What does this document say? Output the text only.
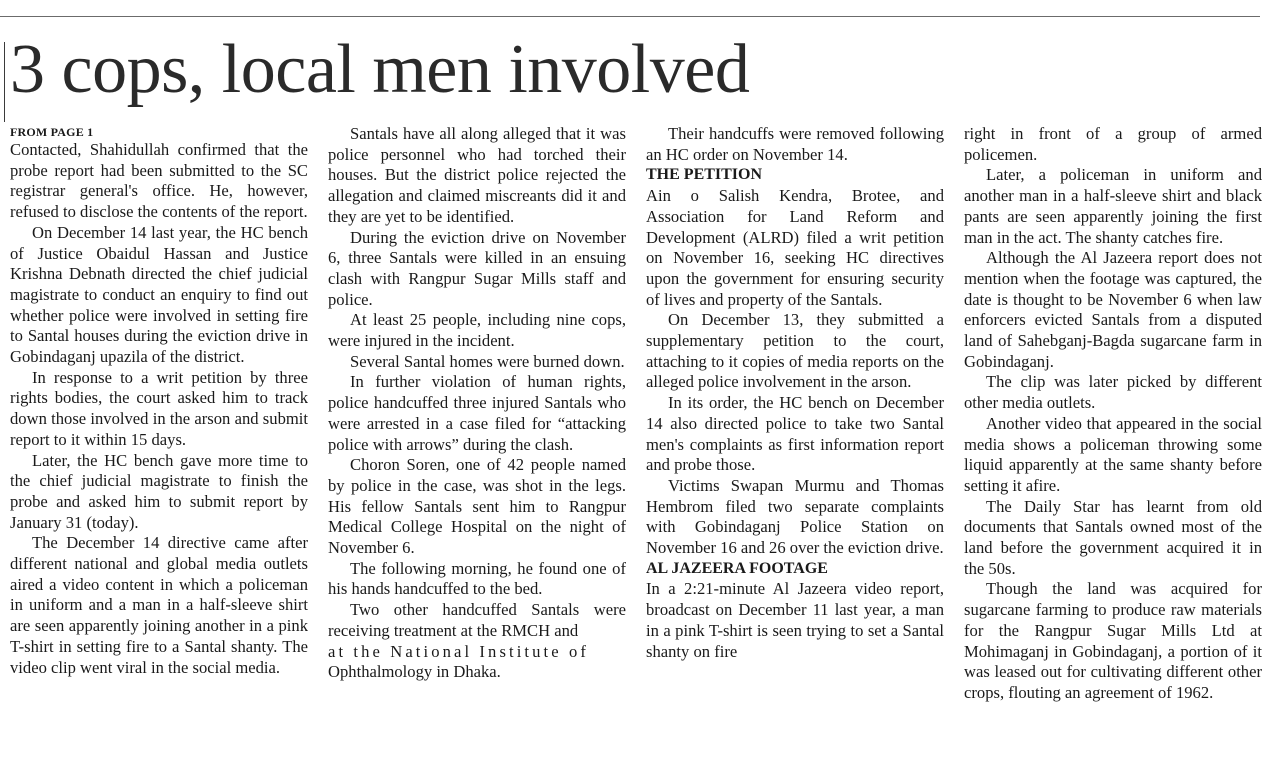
3 cops, local men involved
FROM PAGE 1

Contacted, Shahidullah confirmed that the probe report had been submitted to the SC registrar general's office. He, however, refused to disclose the contents of the report.

On December 14 last year, the HC bench of Justice Obaidul Hassan and Justice Krishna Debnath directed the chief judicial magistrate to conduct an enquiry to find out whether police were involved in setting fire to Santal houses during the eviction drive in Gobindaganj upazila of the district.

In response to a writ petition by three rights bodies, the court asked him to track down those involved in the arson and submit report to it within 15 days.

Later, the HC bench gave more time to the chief judicial magistrate to finish the probe and asked him to submit report by January 31 (today).

The December 14 directive came after different national and global media outlets aired a video content in which a policeman in uniform and a man in a half-sleeve shirt are seen apparently joining another in a pink T-shirt in setting fire to a Santal shanty. The video clip went viral in the social media.

Santals have all along alleged that it was police personnel who had torched their houses. But the district police rejected the allegation and claimed miscreants did it and they are yet to be identified.

During the eviction drive on November 6, three Santals were killed in an ensuing clash with Rangpur Sugar Mills staff and police.

At least 25 people, including nine cops, were injured in the incident.

Several Santal homes were burned down.

In further violation of human rights, police handcuffed three injured Santals who were arrested in a case filed for “attacking police with arrows” during the clash.

Choron Soren, one of 42 people named by police in the case, was shot in the legs. His fellow Santals sent him to Rangpur Medical College Hospital on the night of November 6.

The following morning, he found one of his hands handcuffed to the bed.

Two other handcuffed Santals were receiving treatment at the RMCH and

at the National Institute of

Ophthalmology in Dhaka.

Their handcuffs were removed following an HC order on November 14.

THE PETITION

Ain o Salish Kendra, Brotee, and Association for Land Reform and Development (ALRD) filed a writ petition on November 16, seeking HC directives upon the government for ensuring security of lives and property of the Santals.

On December 13, they submitted a supplementary petition to the court, attaching to it copies of media reports on the alleged police involvement in the arson.

In its order, the HC bench on December 14 also directed police to take two Santal men's complaints as first information report and probe those.

Victims Swapan Murmu and Thomas Hembrom filed two separate complaints with Gobindaganj Police Station on November 16 and 26 over the eviction drive.

AL JAZEERA FOOTAGE

In a 2:21-minute Al Jazeera video report, broadcast on December 11 last year, a man in a pink T-shirt is seen trying to set a Santal shanty on fire

right in front of a group of armed policemen.

Later, a policeman in uniform and another man in a half-sleeve shirt and black pants are seen apparently joining the first man in the act. The shanty catches fire.

Although the Al Jazeera report does not mention when the footage was captured, the date is thought to be November 6 when law enforcers evicted Santals from a disputed land of Sahebganj-Bagda sugarcane farm in Gobindaganj.

The clip was later picked by different other media outlets.

Another video that appeared in the social media shows a policeman throwing some liquid apparently at the same shanty before setting it afire.

The Daily Star has learnt from old documents that Santals owned most of the land before the government acquired it in the 50s.

Though the land was acquired for sugarcane farming to produce raw materials for the Rangpur Sugar Mills Ltd at Mohimaganj in Gobindaganj, a portion of it was leased out for cultivating different other crops, flouting an agreement of 1962.
